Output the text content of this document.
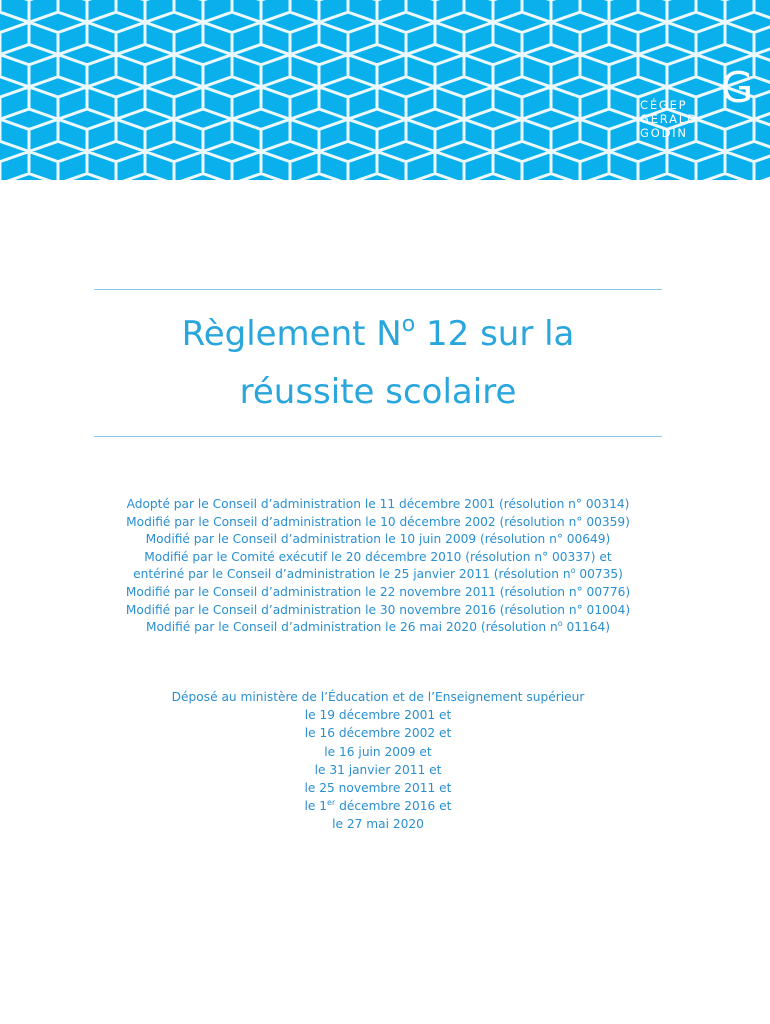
G
CÉGEP
GÉRALD
GODIN
Règlement $N^o$ 12 sur la
réussite scolaire
Adopté par le Conseil d’administration le 11 décembre 2001 (résolution n° 00314)
Modifié par le Conseil d’administration le 10 décembre 2002 (résolution n° 00359)
Modifié par le Conseil d’administration le 10 juin 2009 (résolution n° 00649)
Modifié par le Comité exécutif le 20 décembre 2010 (résolution n° 00337) et
entériné par le Conseil d’administration le 25 janvier 2011 (résolution $n^o$ 00735)
Modifié par le Conseil d’administration le 22 novembre 2011 (résolution n° 00776)
Modifié par le Conseil d’administration le 30 novembre 2016 (résolution n° 01004)
Modifié par le Conseil d’administration le 26 mai 2020 (résolution $n^o$ 01164)
Déposé au ministère de l’Éducation et de l’Enseignement supérieur
le 19 décembre 2001 et
le 16 décembre 2002 et
le 16 juin 2009 et
le 31 janvier 2011 et
le 25 novembre 2011 et
le 1er décembre 2016 et
le 27 mai 2020
